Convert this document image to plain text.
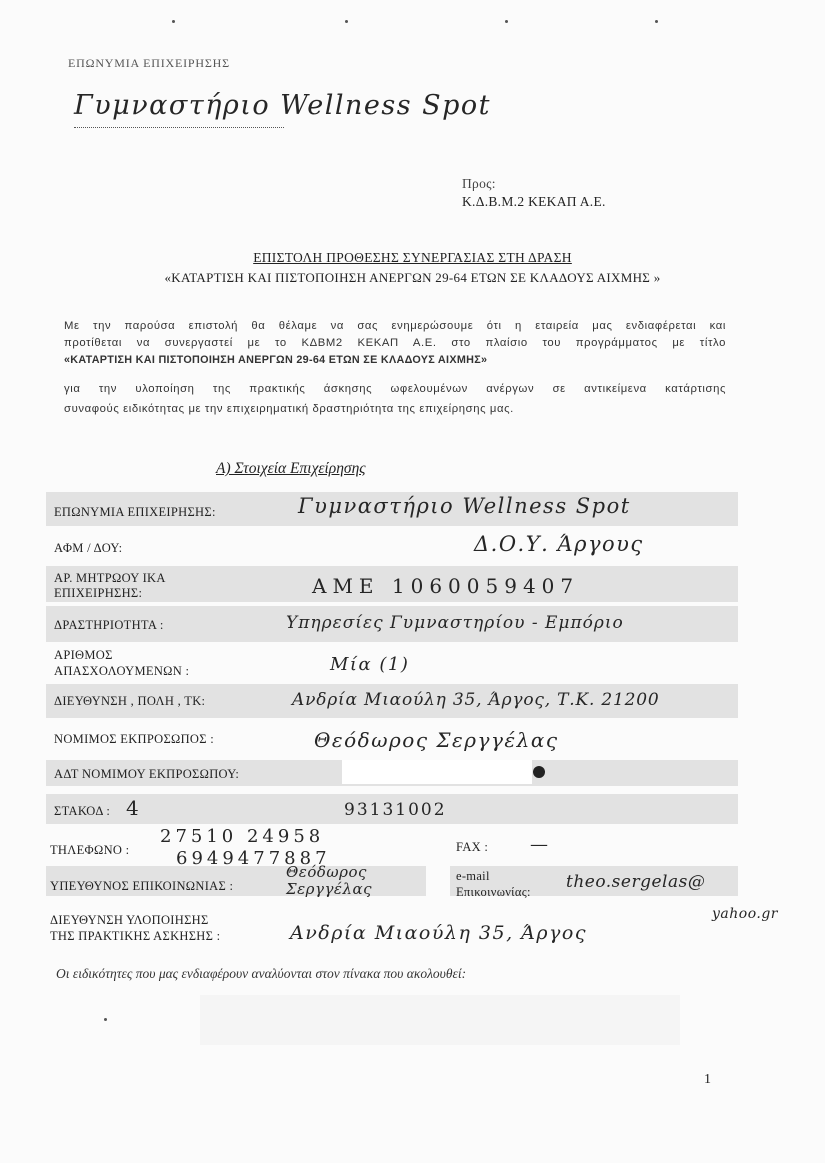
ΕΠΩΝΥΜΙΑ ΕΠΙΧΕΙΡΗΣΗΣ
Γυμναστήριο Wellness Spot
Προς:
Κ.Δ.Β.Μ.2 ΚΕΚΑΠ Α.Ε.
ΕΠΙΣΤΟΛΗ ΠΡΟΘΕΣΗΣ ΣΥΝΕΡΓΑΣΙΑΣ ΣΤΗ ΔΡΑΣΗ
«ΚΑΤΑΡΤΙΣΗ ΚΑΙ ΠΙΣΤΟΠΟΙΗΣΗ ΑΝΕΡΓΩΝ 29-64 ΕΤΩΝ ΣΕ ΚΛΑΔΟΥΣ ΑΙΧΜΗΣ »
Με την παρούσα επιστολή θα θέλαμε να σας ενημερώσουμε ότι η εταιρεία μας ενδιαφέρεται και
προτίθεται να συνεργαστεί με το ΚΔΒΜ2 ΚΕΚΑΠ Α.Ε. στο πλαίσιο του προγράμματος με τίτλο
«ΚΑΤΑΡΤΙΣΗ ΚΑΙ ΠΙΣΤΟΠΟΙΗΣΗ ΑΝΕΡΓΩΝ 29-64 ΕΤΩΝ ΣΕ ΚΛΑΔΟΥΣ ΑΙΧΜΗΣ»
για την υλοποίηση της πρακτικής άσκησης ωφελουμένων ανέργων σε αντικείμενα κατάρτισης
συναφούς ειδικότητας με την επιχειρηματική δραστηριότητα της επιχείρησης μας.
Α) Στοιχεία Επιχείρησης
ΕΠΩΝΥΜΙΑ ΕΠΙΧΕΙΡΗΣΗΣ:	Γυμναστήριο Wellness Spot
ΑΦΜ / ΔΟΥ:	Δ.Ο.Υ. Άργους
ΑΡ. ΜΗΤΡΩΟΥ ΙΚΑ
ΕΠΙΧΕΙΡΗΣΗΣ:	ΑΜΕ 1060059407
ΔΡΑΣΤΗΡΙΟΤΗΤΑ :	Υπηρεσίες Γυμναστηρίου - Εμπόριο
ΑΡΙΘΜΟΣ
ΑΠΑΣΧΟΛΟΥΜΕΝΩΝ :	Μία (1)
ΔΙΕΥΘΥΝΣΗ , ΠΟΛΗ , ΤΚ:	Ανδρία Μιαούλη 35, Άργος, Τ.Κ. 21200
ΝΟΜΙΜΟΣ ΕΚΠΡΟΣΩΠΟΣ :	Θεόδωρος Σεργγέλας
ΑΔΤ ΝΟΜΙΜΟΥ ΕΚΠΡΟΣΩΠΟΥ:
ΣΤΑΚΟΔ : 4	93131002
ΤΗΛΕΦΩΝΟ :
27510 24958
6949477887
FAX : —
ΥΠΕΥΘΥΝΟΣ ΕΠΙΚΟΙΝΩΝΙΑΣ :
Θεόδωρος
Σεργγέλας
e-mail
Επικοινωνίας: theo.sergelas@
yahoo.gr
ΔΙΕΥΘΥΝΣΗ ΥΛΟΠΟΙΗΣΗΣ
ΤΗΣ ΠΡΑΚΤΙΚΗΣ ΑΣΚΗΣΗΣ :	Ανδρία Μιαούλη 35, Άργος
Οι ειδικότητες που μας ενδιαφέρουν αναλύονται στον πίνακα που ακολουθεί:
1
